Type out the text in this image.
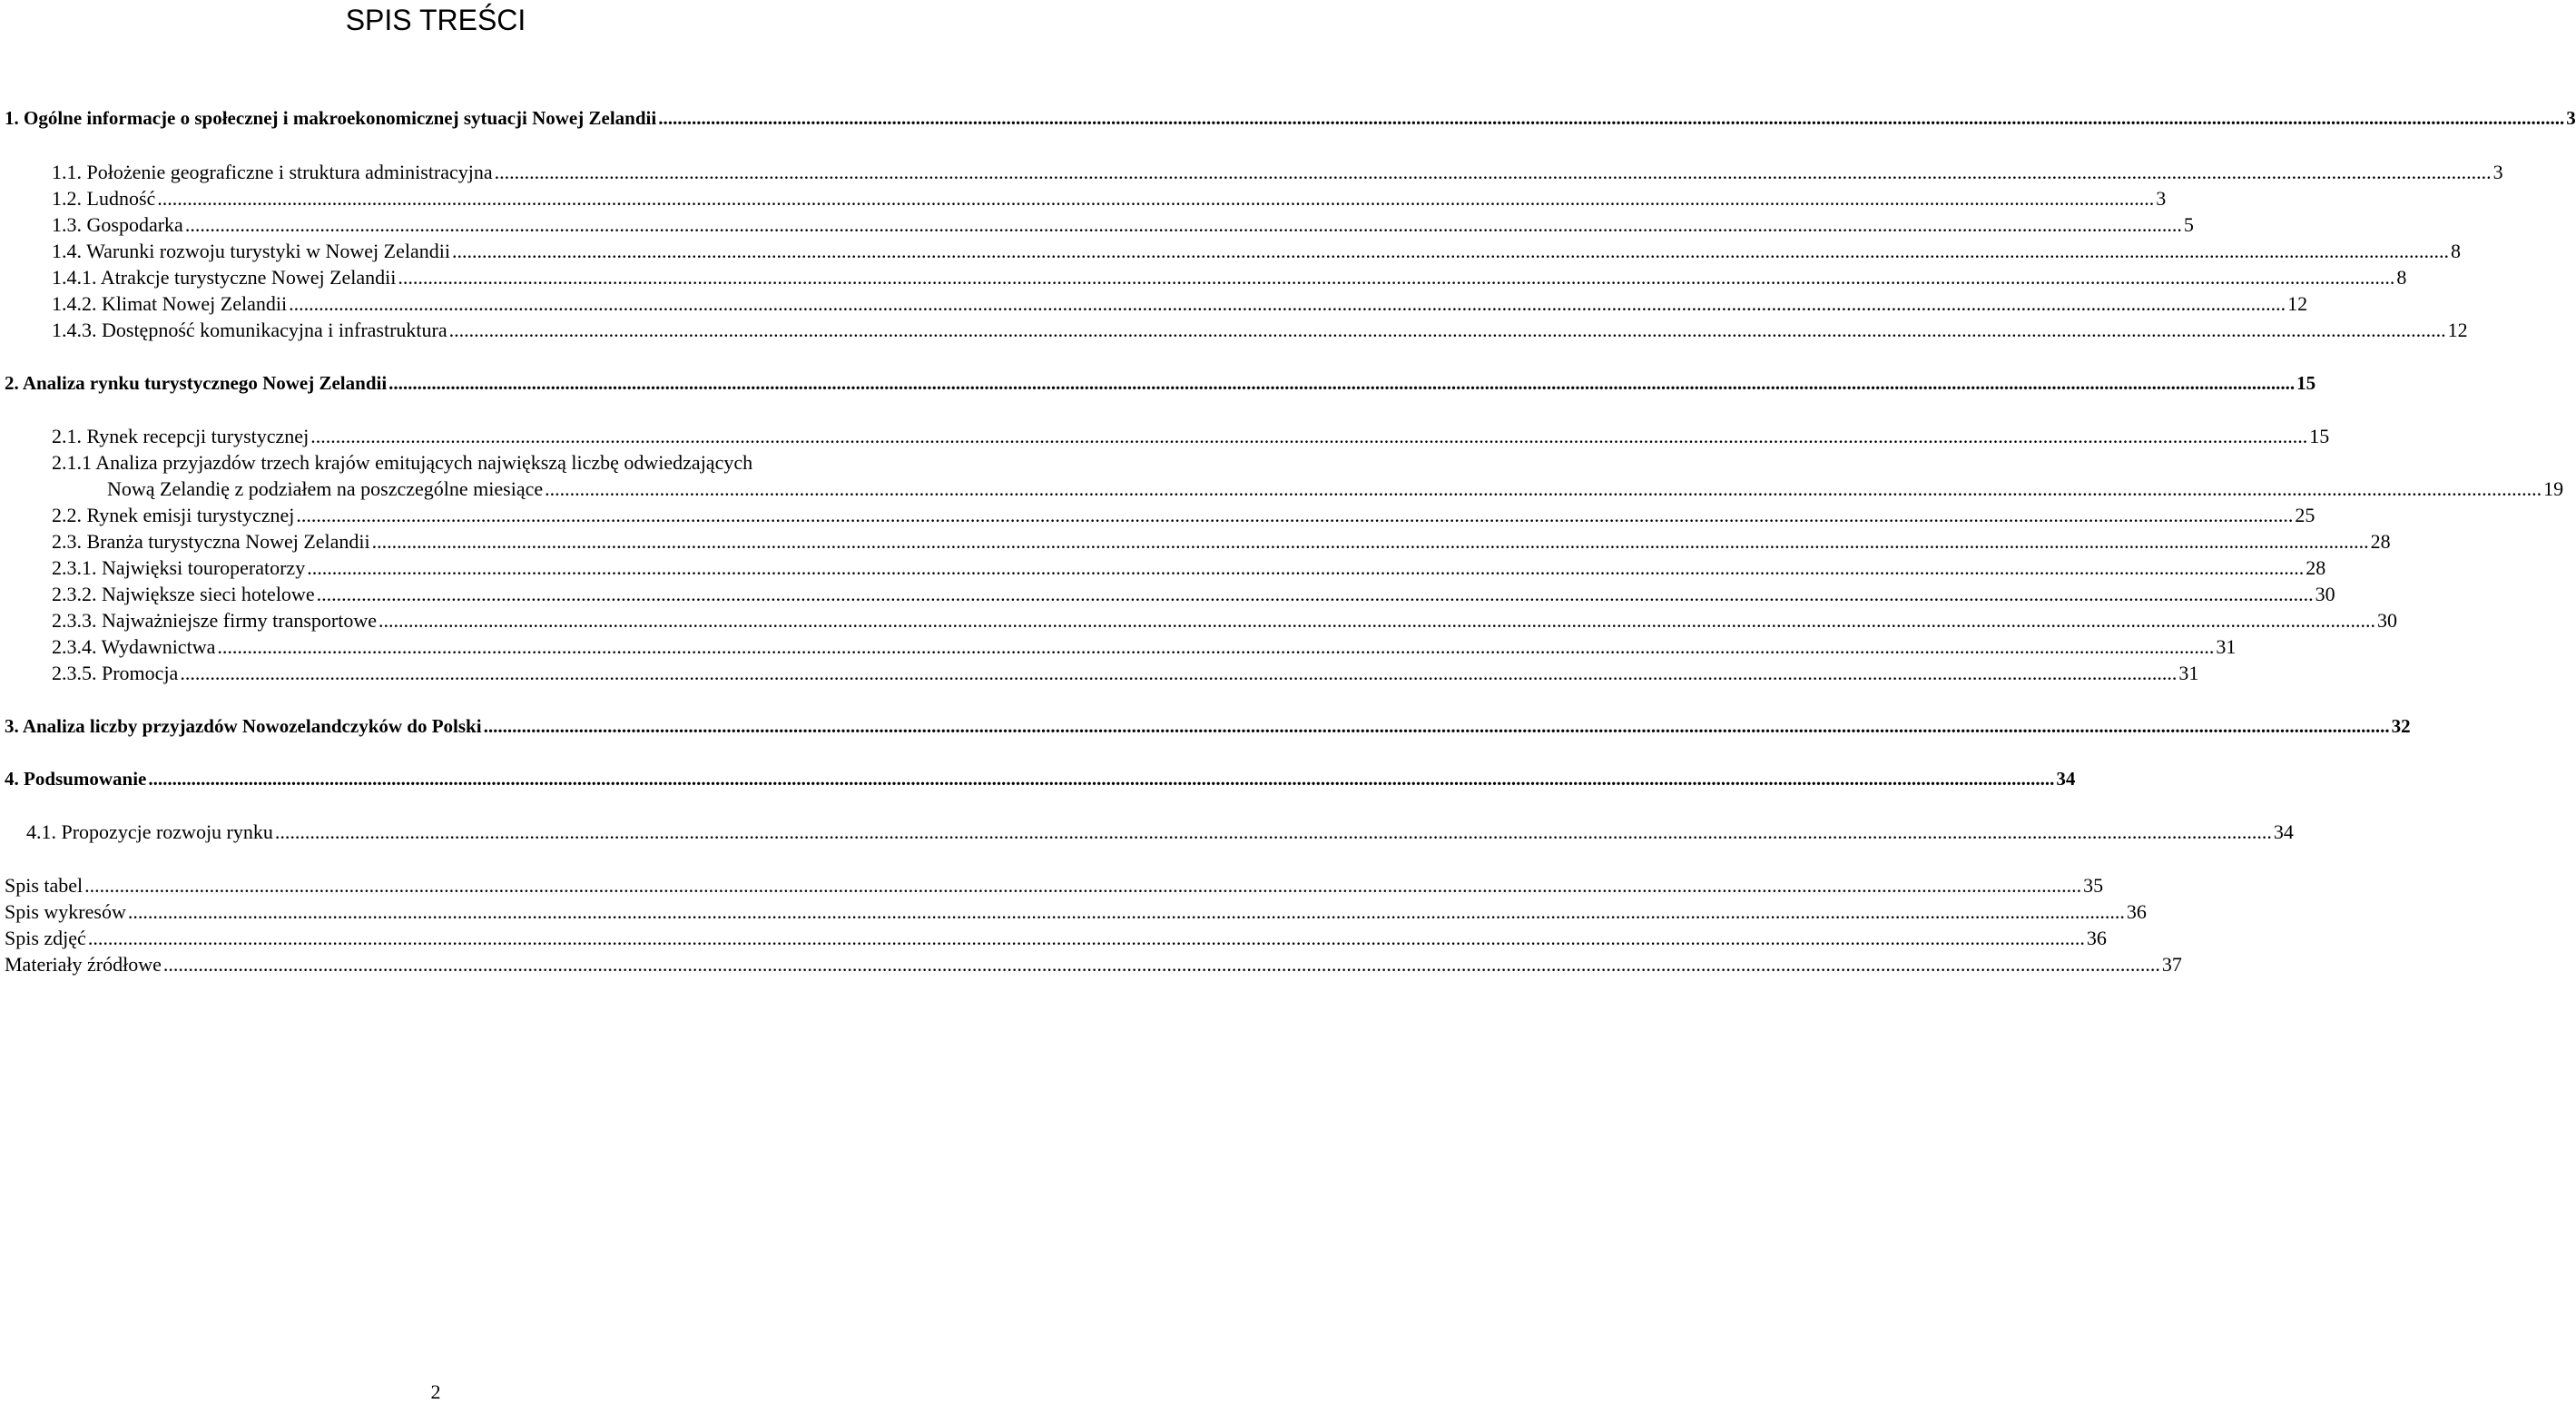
SPIS TREŚCI
1. Ogólne informacje o społecznej i makroekonomicznej sytuacji Nowej Zelandii ................................................................................................................................................................................................................................................................................................................................................................................................................ 3
1.1. Położenie geograficzne i struktura administracyjna ................................................................................................................................................................................................................................................................................................................................................................................................................ 3
1.2. Ludność ................................................................................................................................................................................................................................................................................................................................................................................................................ 3
1.3. Gospodarka ................................................................................................................................................................................................................................................................................................................................................................................................................ 5
1.4. Warunki rozwoju turystyki w Nowej Zelandii ................................................................................................................................................................................................................................................................................................................................................................................................................ 8
1.4.1. Atrakcje turystyczne Nowej Zelandii ................................................................................................................................................................................................................................................................................................................................................................................................................ 8
1.4.2. Klimat Nowej Zelandii ................................................................................................................................................................................................................................................................................................................................................................................................................ 12
1.4.3. Dostępność komunikacyjna i infrastruktura ................................................................................................................................................................................................................................................................................................................................................................................................................ 12
2. Analiza rynku turystycznego Nowej Zelandii ................................................................................................................................................................................................................................................................................................................................................................................................................ 15
2.1. Rynek recepcji turystycznej ................................................................................................................................................................................................................................................................................................................................................................................................................ 15
2.1.1 Analiza przyjazdów trzech krajów emitujących największą liczbę odwiedzających
Nową Zelandię z podziałem na poszczególne miesiące ................................................................................................................................................................................................................................................................................................................................................................................................................ 19
2.2. Rynek emisji turystycznej ................................................................................................................................................................................................................................................................................................................................................................................................................ 25
2.3. Branża turystyczna Nowej Zelandii ................................................................................................................................................................................................................................................................................................................................................................................................................ 28
2.3.1. Najwięksi touroperatorzy ................................................................................................................................................................................................................................................................................................................................................................................................................ 28
2.3.2. Największe sieci hotelowe ................................................................................................................................................................................................................................................................................................................................................................................................................ 30
2.3.3. Najważniejsze firmy transportowe ................................................................................................................................................................................................................................................................................................................................................................................................................ 30
2.3.4. Wydawnictwa ................................................................................................................................................................................................................................................................................................................................................................................................................ 31
2.3.5. Promocja ................................................................................................................................................................................................................................................................................................................................................................................................................ 31
3. Analiza liczby przyjazdów Nowozelandczyków do Polski ................................................................................................................................................................................................................................................................................................................................................................................................................ 32
4. Podsumowanie ................................................................................................................................................................................................................................................................................................................................................................................................................ 34
4.1. Propozycje rozwoju rynku ................................................................................................................................................................................................................................................................................................................................................................................................................ 34
Spis tabel ................................................................................................................................................................................................................................................................................................................................................................................................................ 35
Spis wykresów ................................................................................................................................................................................................................................................................................................................................................................................................................ 36
Spis zdjęć ................................................................................................................................................................................................................................................................................................................................................................................................................ 36
Materiały źródłowe ................................................................................................................................................................................................................................................................................................................................................................................................................ 37
2
